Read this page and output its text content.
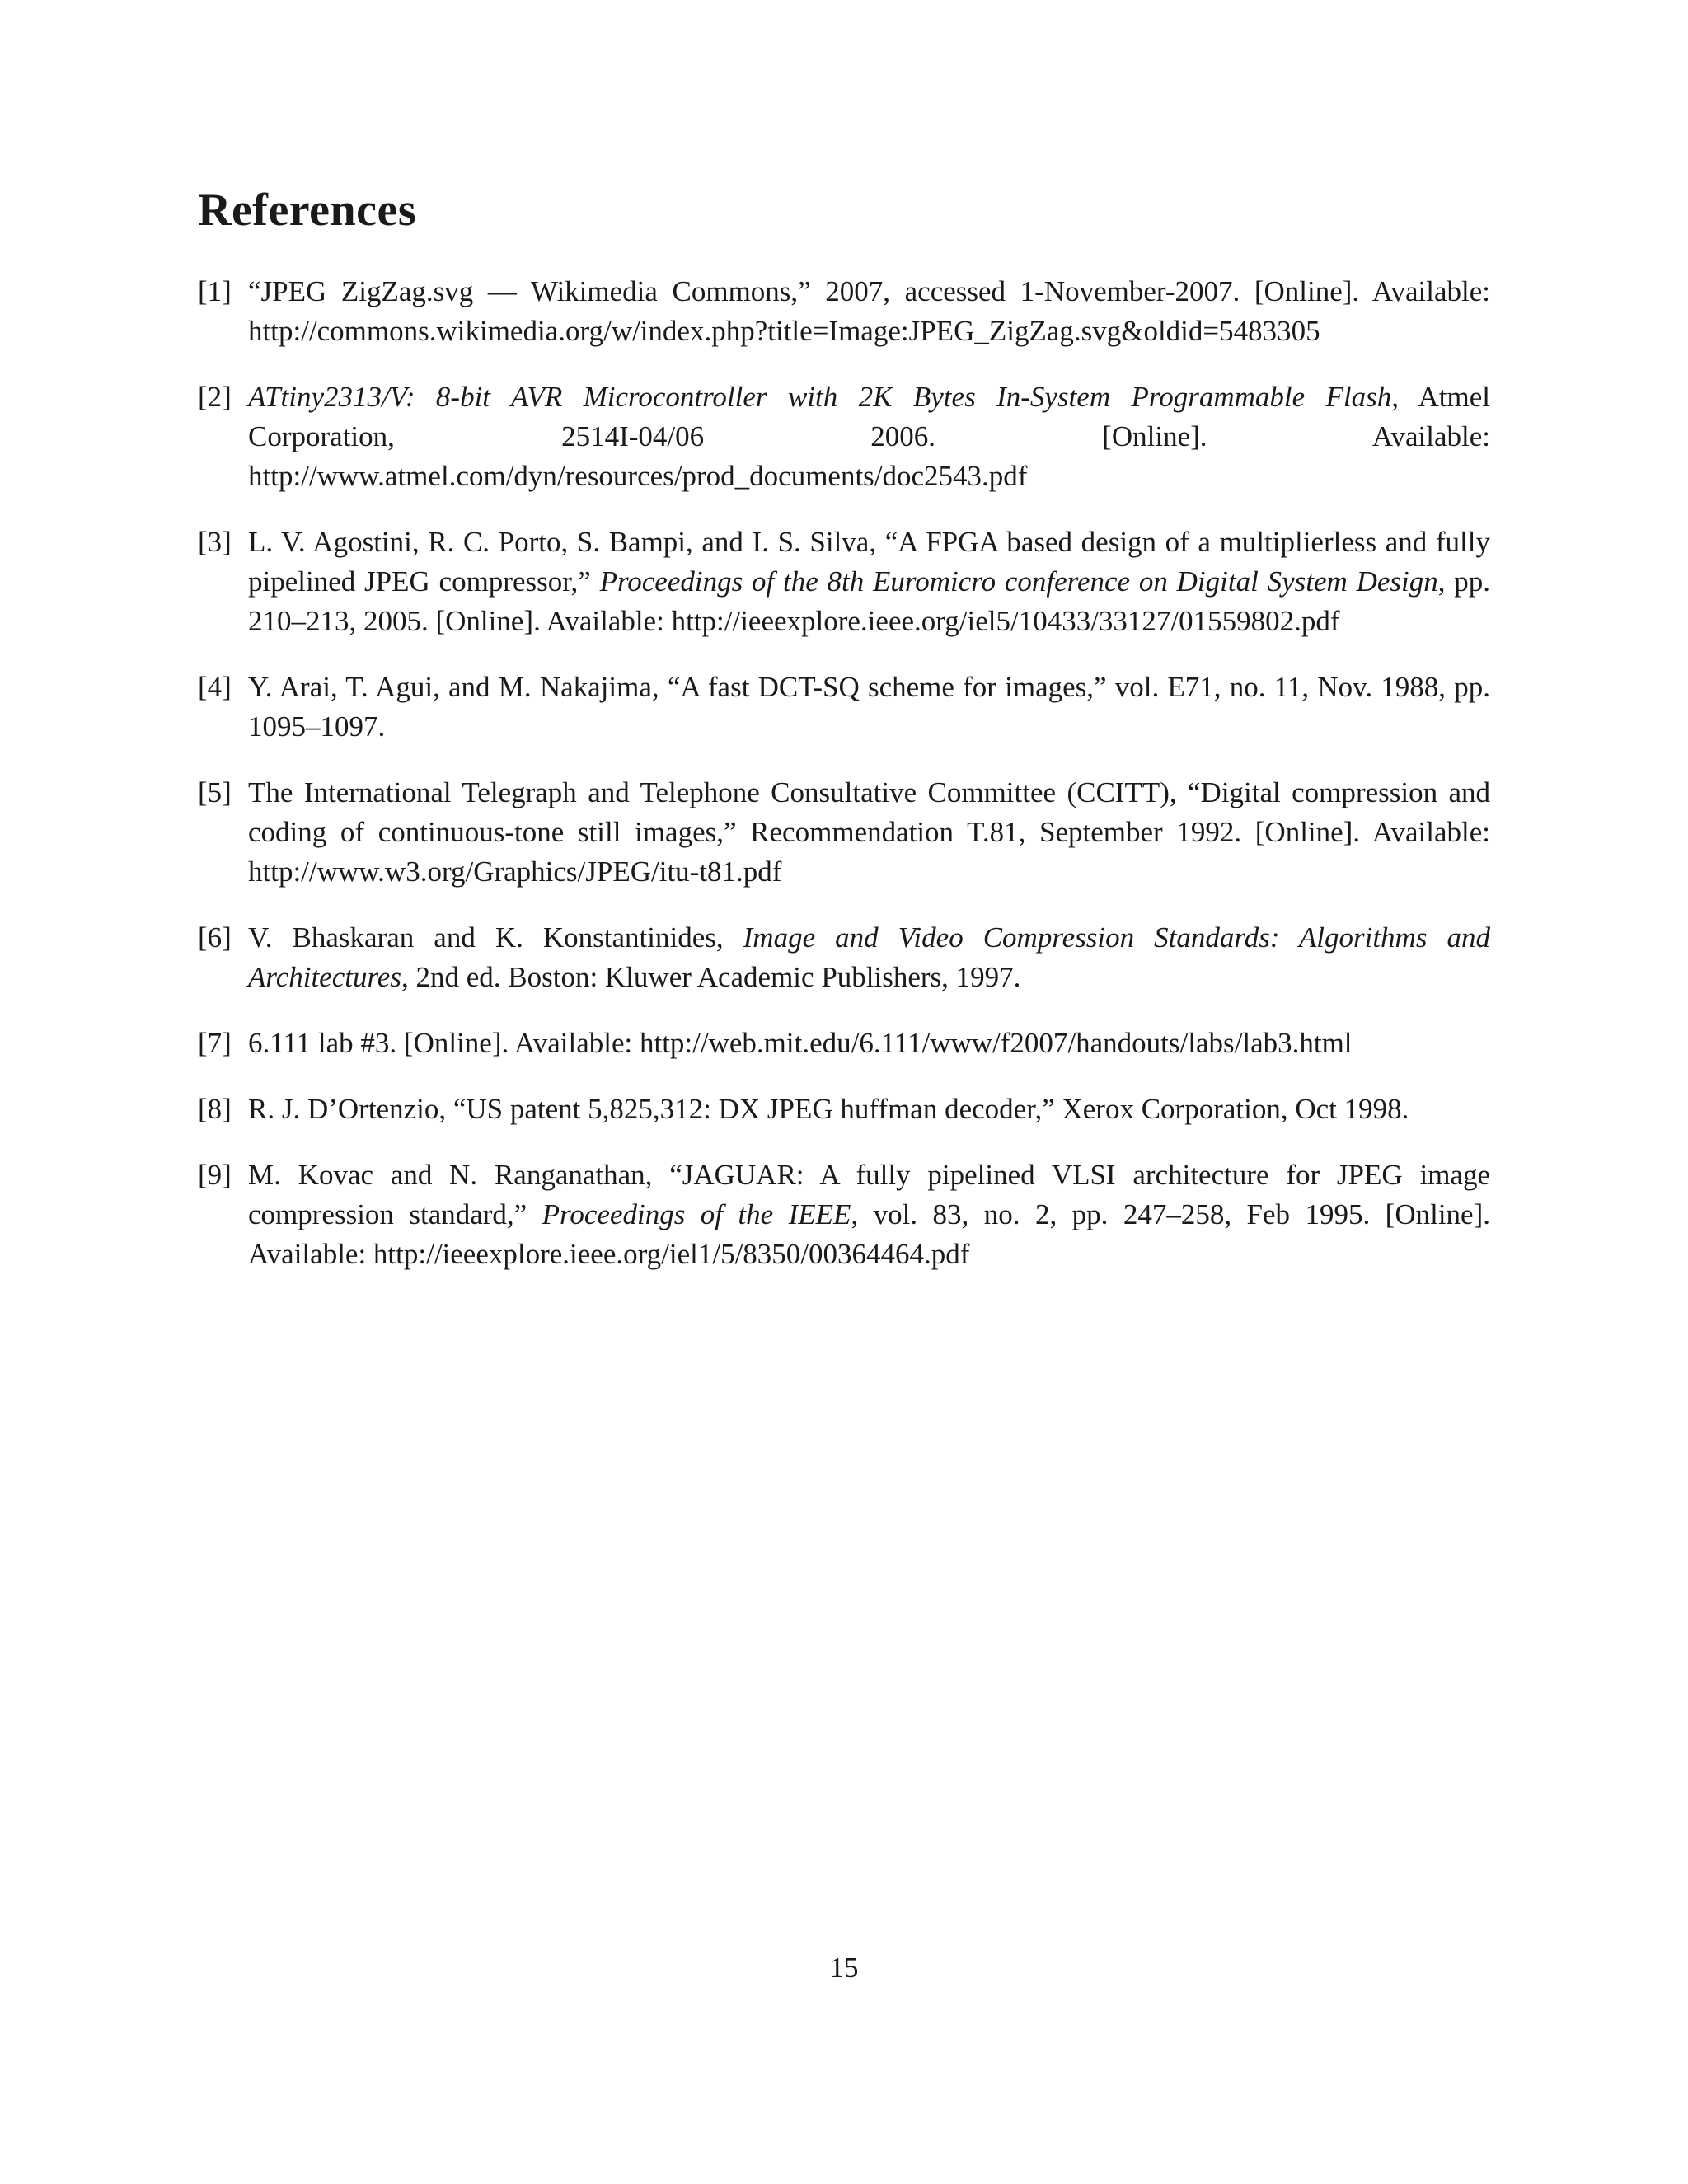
References
[1] “JPEG ZigZag.svg — Wikimedia Commons,” 2007, accessed 1-November-2007. [Online]. Available: http://commons.wikimedia.org/w/index.php?title=Image:JPEG_ZigZag.svg&oldid=5483305
[2] ATtiny2313/V: 8-bit AVR Microcontroller with 2K Bytes In-System Programmable Flash, Atmel Corporation, 2514I-04/06 2006. [Online]. Available: http://www.atmel.com/dyn/resources/prod_documents/doc2543.pdf
[3] L. V. Agostini, R. C. Porto, S. Bampi, and I. S. Silva, “A FPGA based design of a multiplierless and fully pipelined JPEG compressor,” Proceedings of the 8th Euromicro conference on Digital System Design, pp. 210–213, 2005. [Online]. Available: http://ieeexplore.ieee.org/iel5/10433/33127/01559802.pdf
[4] Y. Arai, T. Agui, and M. Nakajima, “A fast DCT-SQ scheme for images,” vol. E71, no. 11, Nov. 1988, pp. 1095–1097.
[5] The International Telegraph and Telephone Consultative Committee (CCITT), “Digital compression and coding of continuous-tone still images,” Recommendation T.81, September 1992. [Online]. Available: http://www.w3.org/Graphics/JPEG/itu-t81.pdf
[6] V. Bhaskaran and K. Konstantinides, Image and Video Compression Standards: Algorithms and Architectures, 2nd ed. Boston: Kluwer Academic Publishers, 1997.
[7] 6.111 lab #3. [Online]. Available: http://web.mit.edu/6.111/www/f2007/handouts/labs/lab3.html
[8] R. J. D’Ortenzio, “US patent 5,825,312: DX JPEG huffman decoder,” Xerox Corporation, Oct 1998.
[9] M. Kovac and N. Ranganathan, “JAGUAR: A fully pipelined VLSI architecture for JPEG image compression standard,” Proceedings of the IEEE, vol. 83, no. 2, pp. 247–258, Feb 1995. [Online]. Available: http://ieeexplore.ieee.org/iel1/5/8350/00364464.pdf
15
